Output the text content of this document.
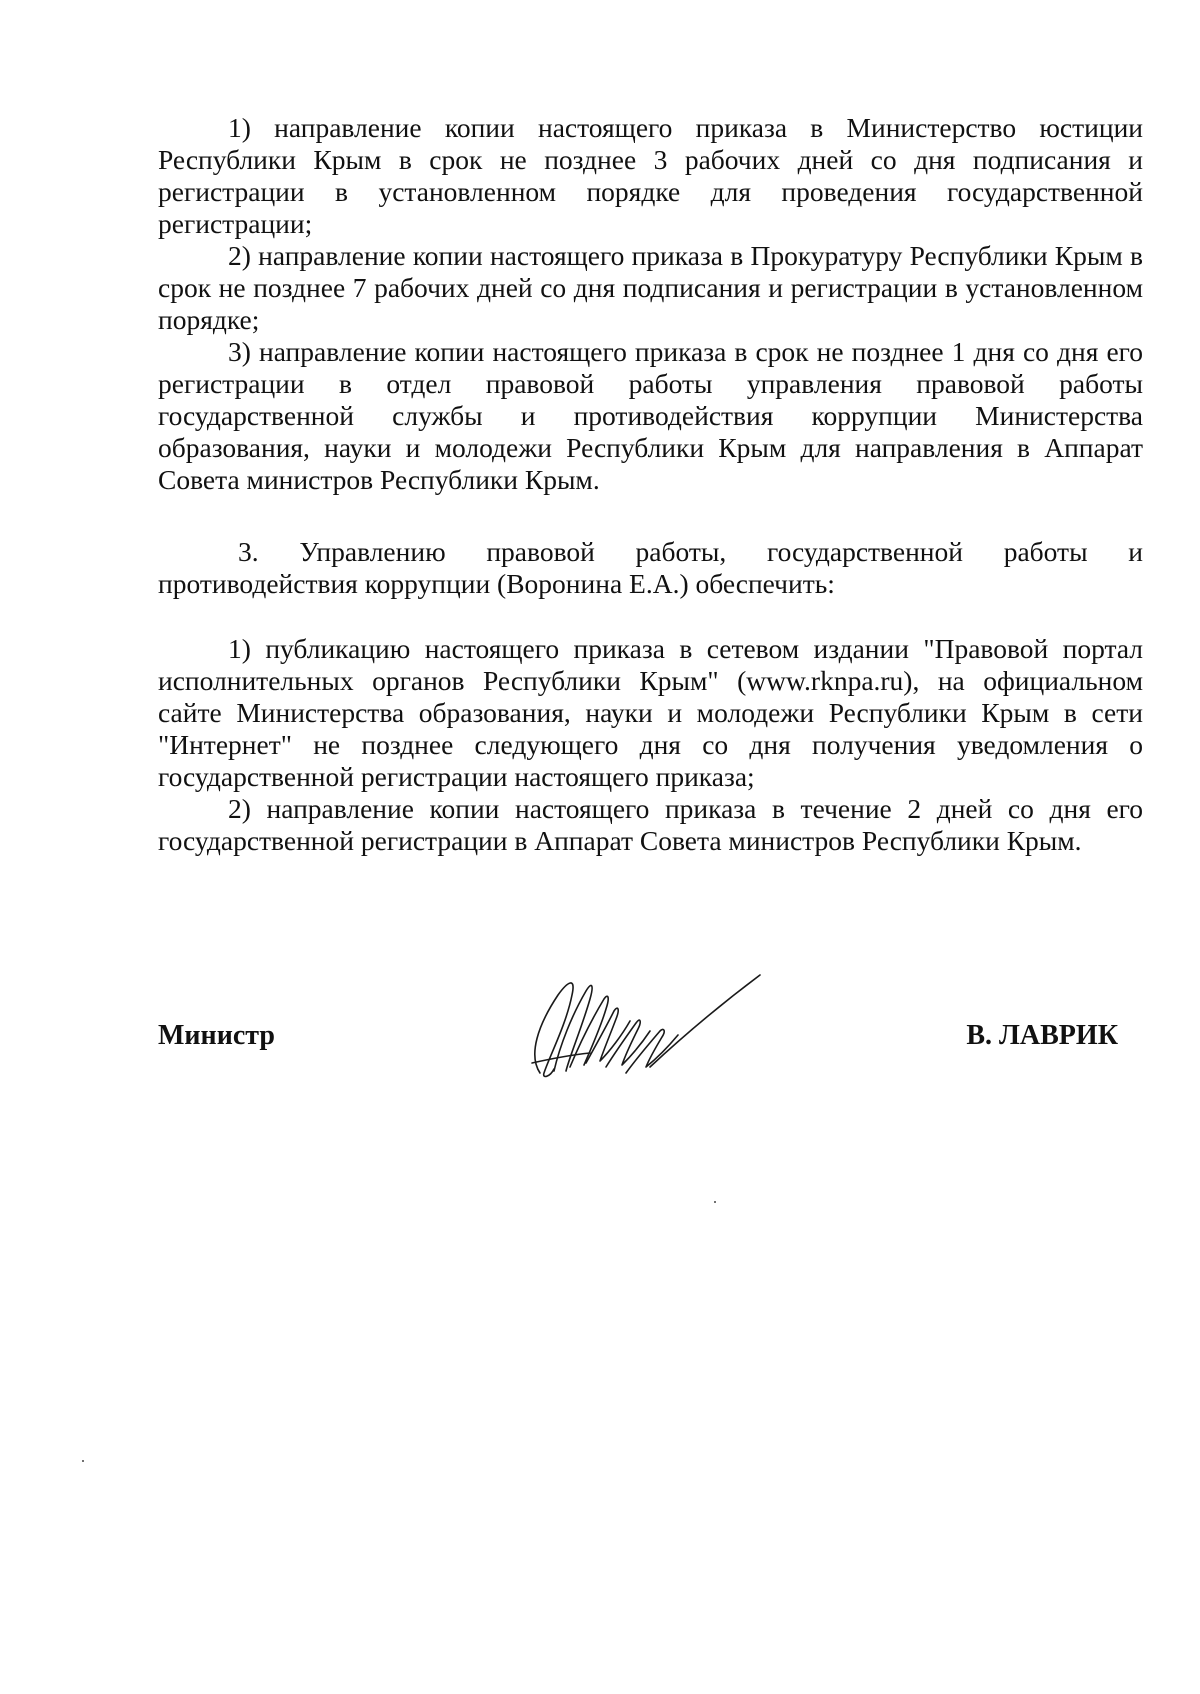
1) направление копии настоящего приказа в Министерство юстиции Республики Крым в срок не позднее 3 рабочих дней со дня подписания и регистрации в установленном порядке для проведения государственной регистрации;

2) направление копии настоящего приказа в Прокуратуру Республики Крым в срок не позднее 7 рабочих дней со дня подписания и регистрации в установленном порядке;

3) направление копии настоящего приказа в срок не позднее 1 дня со дня его регистрации в отдел правовой работы управления правовой работы государственной службы и противодействия коррупции Министерства образования, науки и молодежи Республики Крым для направления в Аппарат Совета министров Республики Крым.

3. Управлению правовой работы, государственной работы и противодействия коррупции (Воронина Е.А.) обеспечить:

1) публикацию настоящего приказа в сетевом издании "Правовой портал исполнительных органов Республики Крым" (www.rknpa.ru), на официальном сайте Министерства образования, науки и молодежи Республики Крым в сети "Интернет" не позднее следующего дня со дня получения уведомления о государственной регистрации настоящего приказа;

2) направление копии настоящего приказа в течение 2 дней со дня его государственной регистрации в Аппарат Совета министров Республики Крым.

Министр	В. ЛАВРИК
